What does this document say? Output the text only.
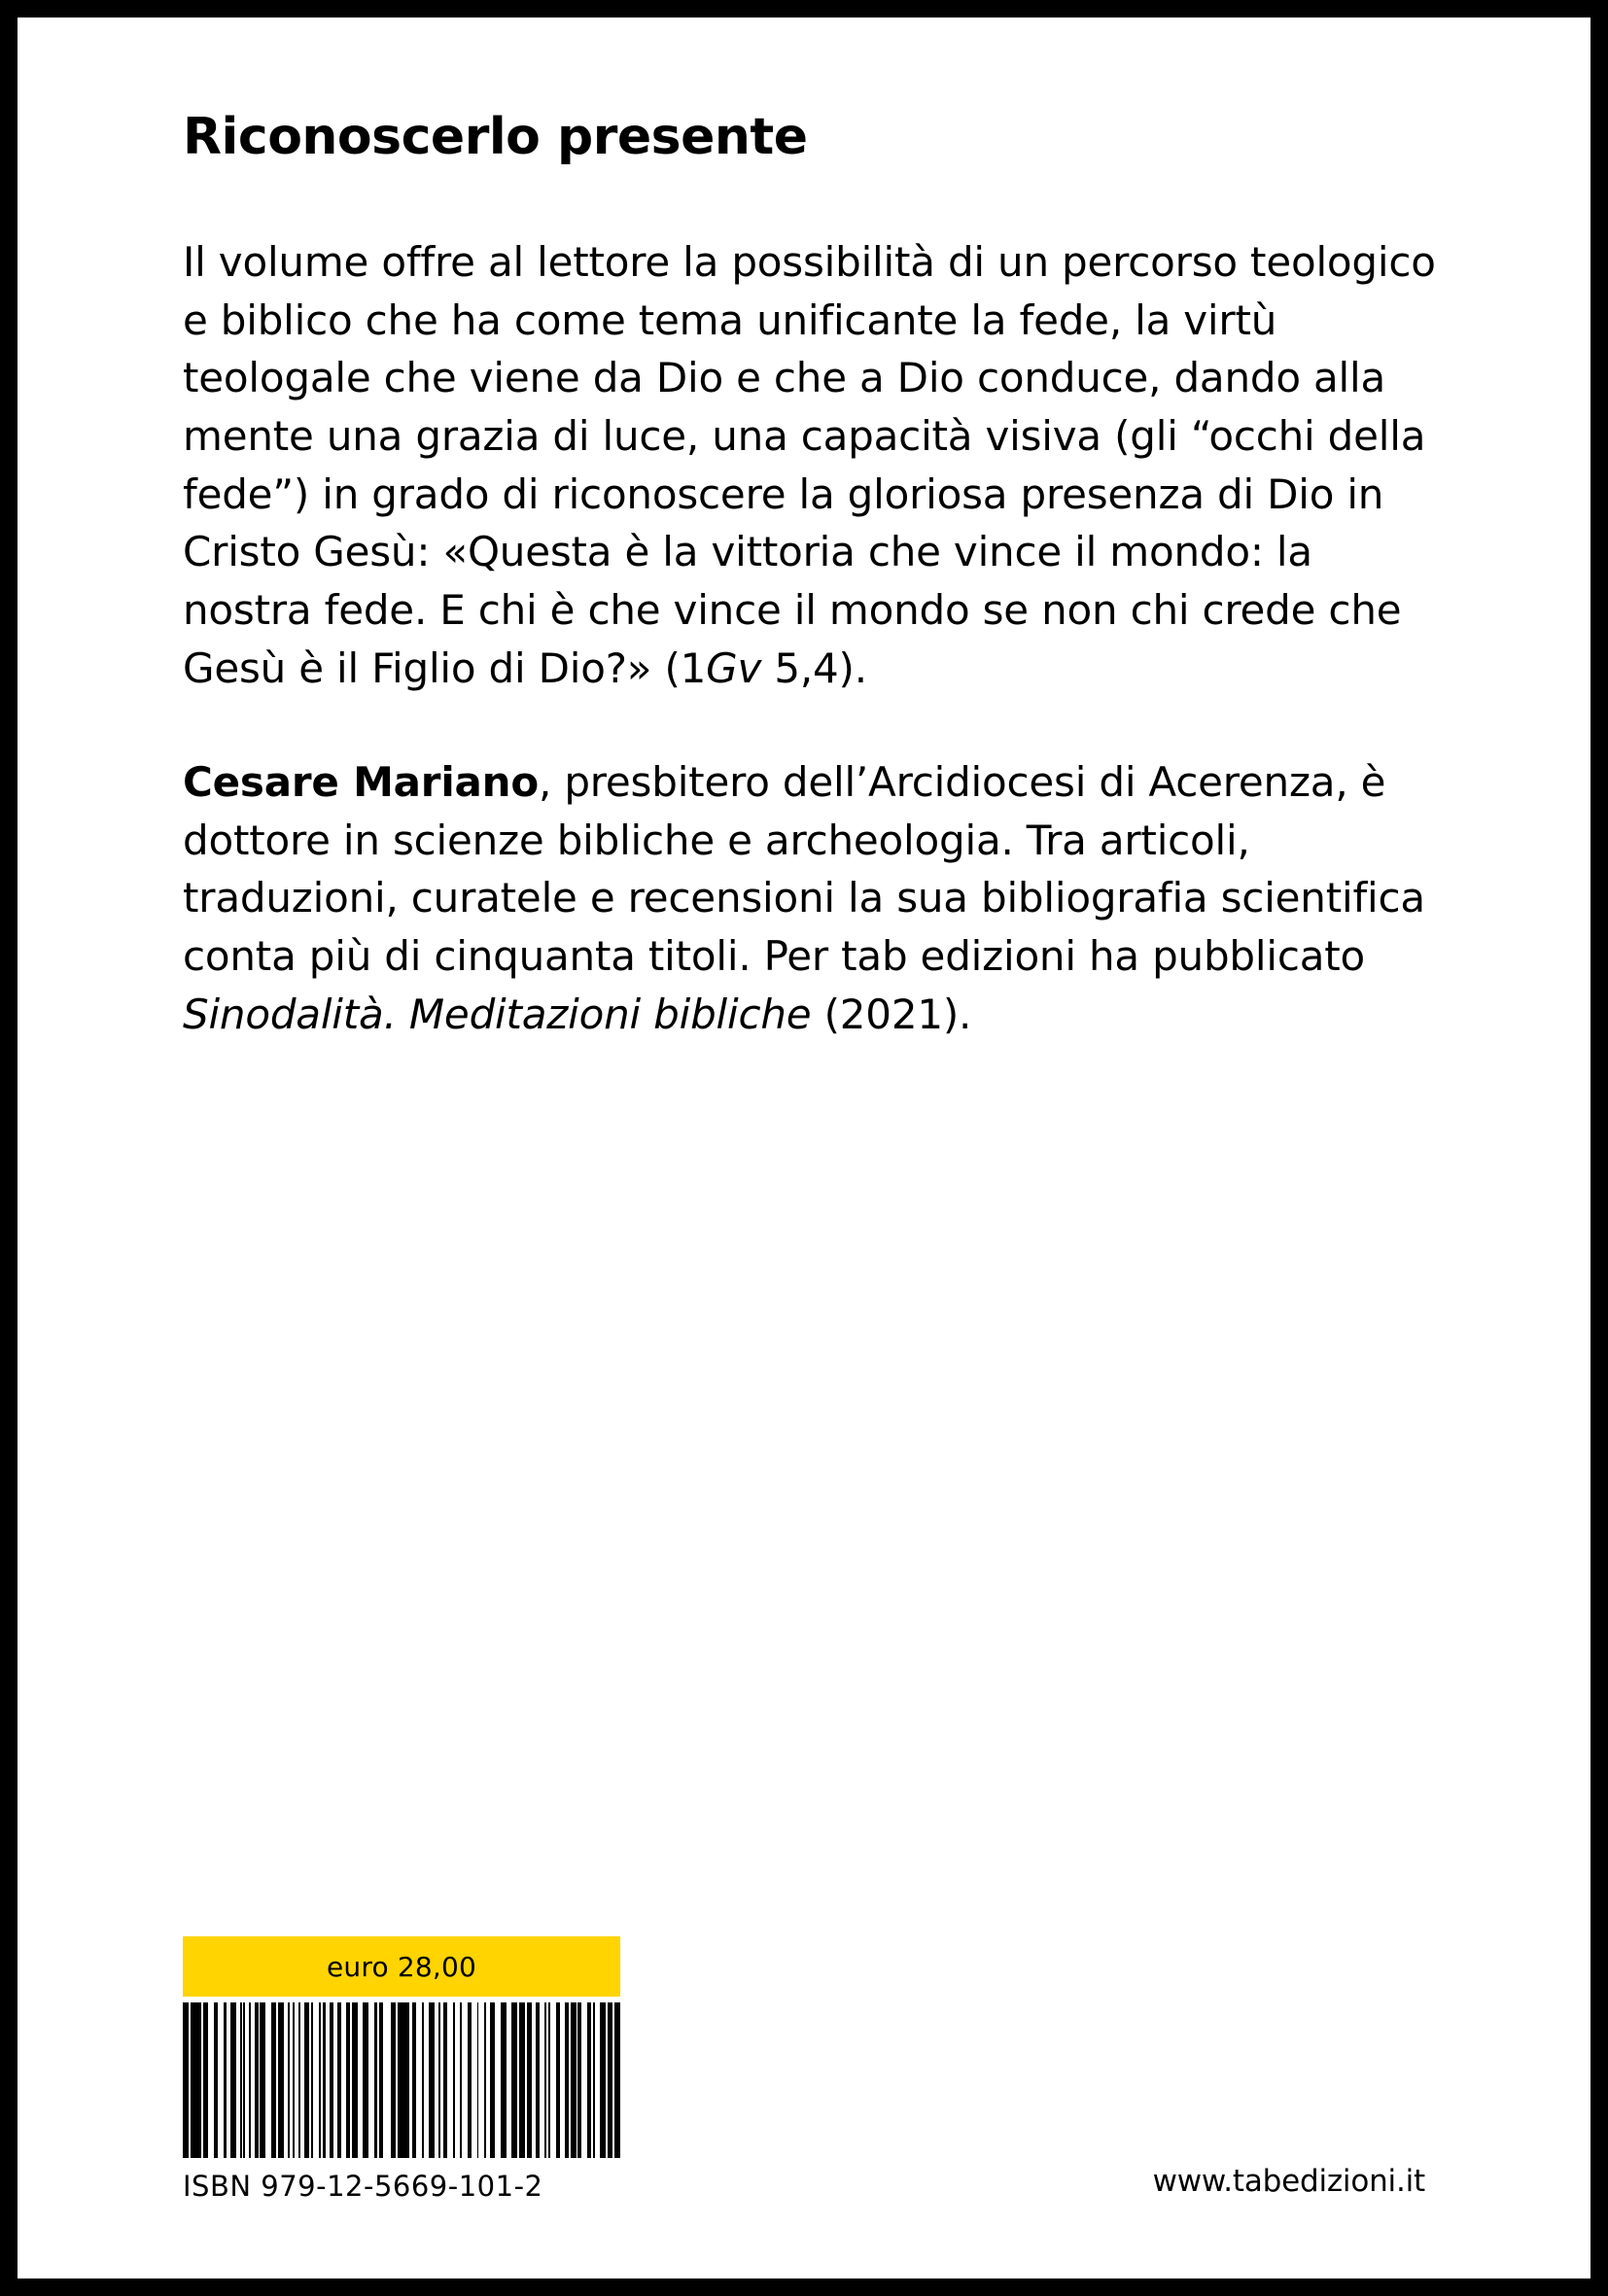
Riconoscerlo presente

Il volume offre al lettore la possibilità di un percorso teologico e biblico che ha come tema unificante la fede, la virtù teologale che viene da Dio e che a Dio conduce, dando alla mente una grazia di luce, una capacità visiva (gli “occhi della fede”) in grado di riconoscere la gloriosa presenza di Dio in Cristo Gesù: «Questa è la vittoria che vince il mondo: la nostra fede. E chi è che vince il mondo se non chi crede che Gesù è il Figlio di Dio?» (1Gv 5,4).

Cesare Mariano, presbitero dell’Arcidiocesi di Acerenza, è dottore in scienze bibliche e archeologia. Tra articoli, traduzioni, curatele e recensioni la sua bibliografia scientifica conta più di cinquanta titoli. Per tab edizioni ha pubblicato Sinodalità. Meditazioni bibliche (2021).

euro 28,00
ISBN 979-12-5669-101-2	www.tabedizioni.it
